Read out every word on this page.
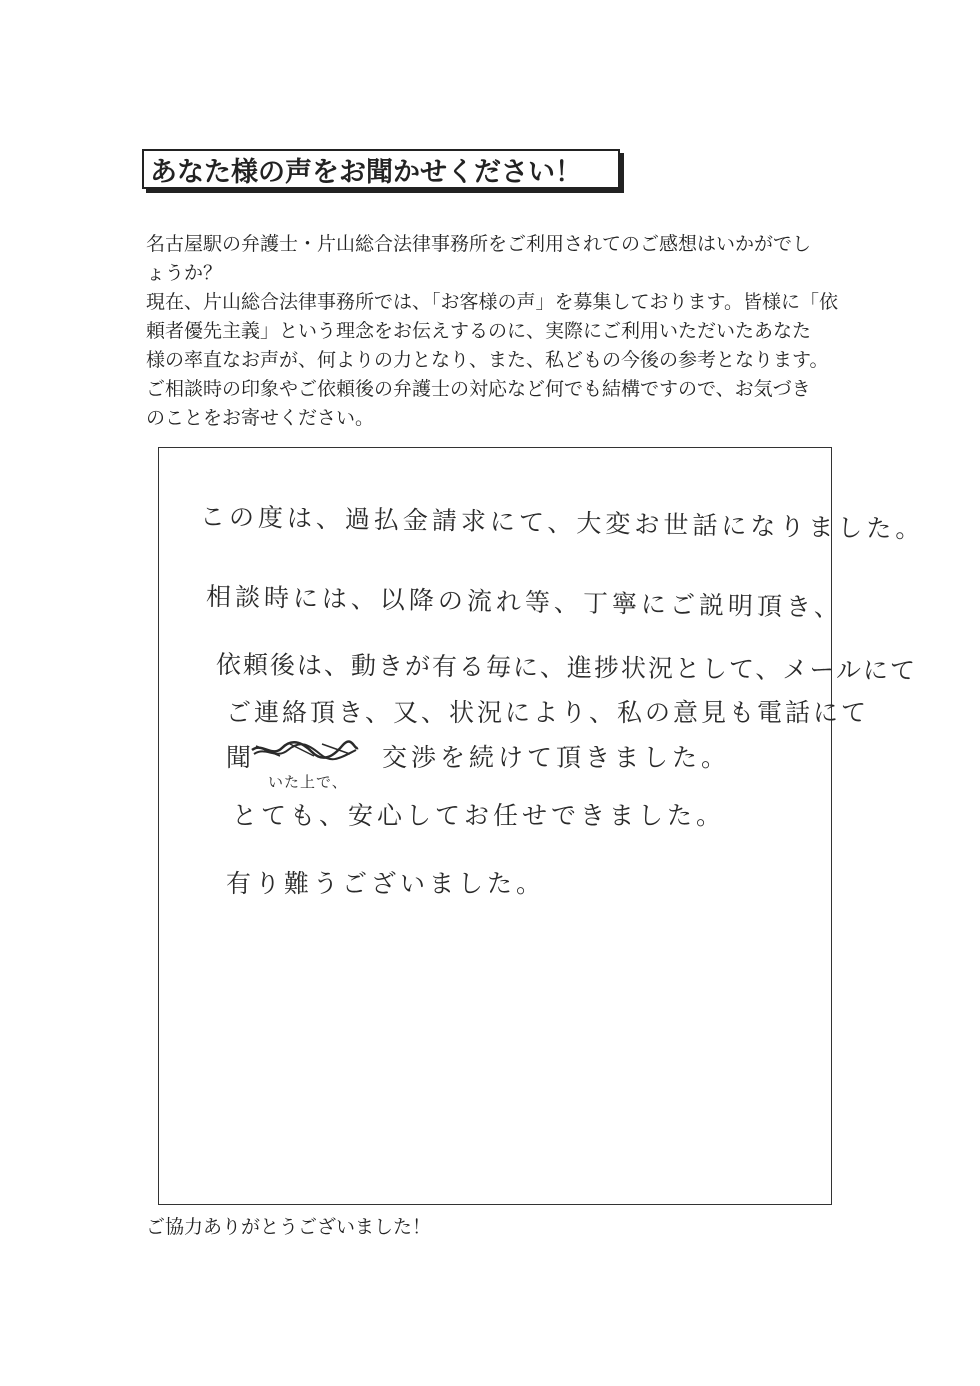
あなた様の声をお聞かせください！
名古屋駅の弁護士・片山総合法律事務所をご利用されてのご感想はいかがでし
ょうか？
現在、片山総合法律事務所では、「お客様の声」を募集しております。皆様に「依
頼者優先主義」という理念をお伝えするのに、実際にご利用いただいたあなた
様の率直なお声が、何よりの力となり、また、私どもの今後の参考となります。
ご相談時の印象やご依頼後の弁護士の対応など何でも結構ですので、お気づき
のことをお寄せください。
この度は、過払金請求にて、大変お世話になりました。
相談時には、以降の流れ等、丁寧にご説明頂き、
依頼後は、動きが有る毎に、進捗状況として、メールにて
ご連絡頂き、又、状況により、私の意見も電話にて
聞
いた上で、
交渉を続けて頂きました。
とても、安心してお任せできました。
有り難うございました。
ご協力ありがとうございました！
